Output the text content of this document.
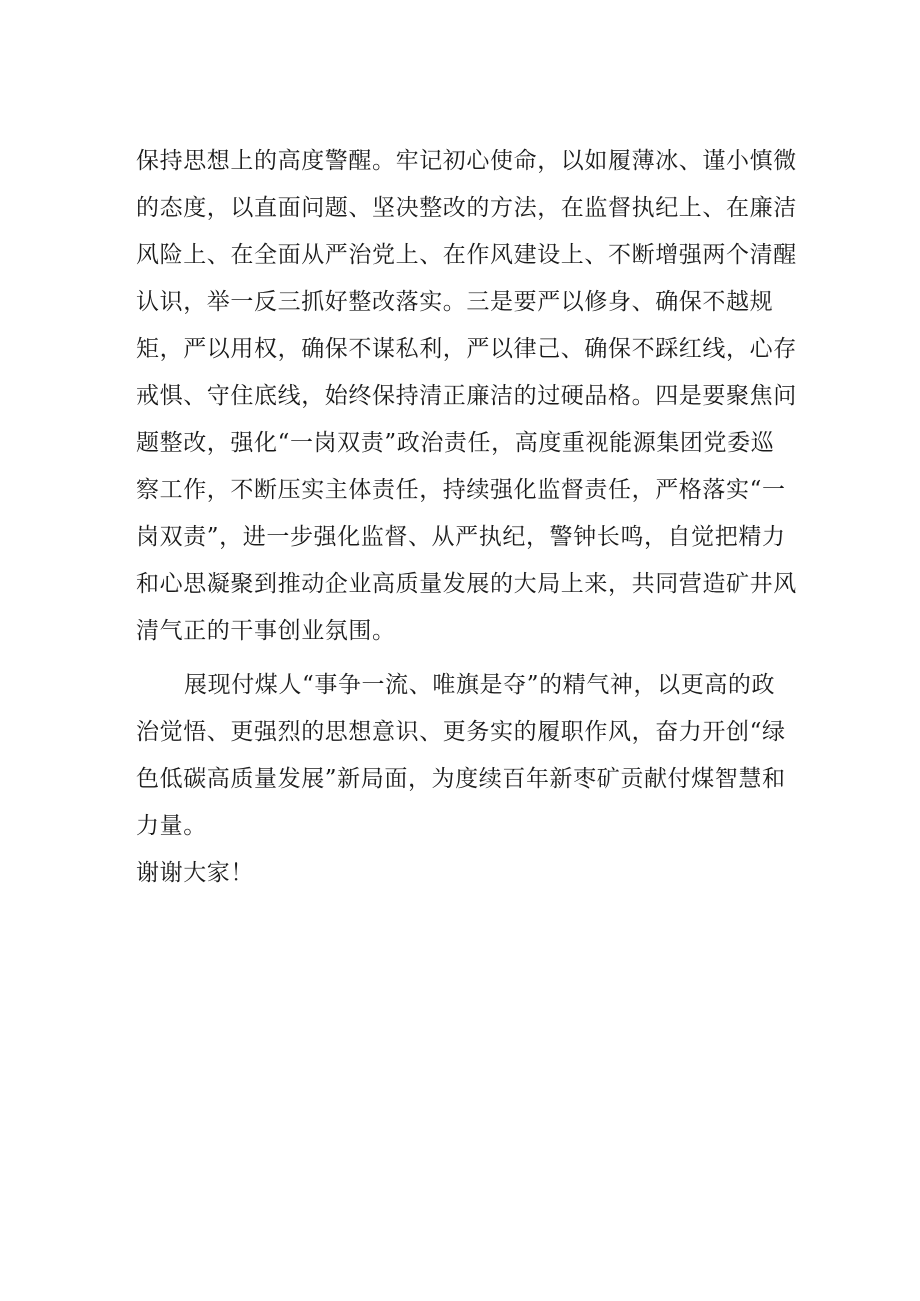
保持思想上的高度警醒。牢记初心使命，以如履薄冰、谨小慎微
的态度，以直面问题、坚决整改的方法，在监督执纪上、在廉洁
风险上、在全面从严治党上、在作风建设上、不断增强两个清醒
认识，举一反三抓好整改落实。三是要严以修身、确保不越规
矩，严以用权，确保不谋私利，严以律己、确保不踩红线，心存
戒惧、守住底线，始终保持清正廉洁的过硬品格。四是要聚焦问
题整改，强化“一岗双责”政治责任，高度重视能源集团党委巡
察工作，不断压实主体责任，持续强化监督责任，严格落实“一
岗双责”，进一步强化监督、从严执纪，警钟长鸣，自觉把精力
和心思凝聚到推动企业高质量发展的大局上来，共同营造矿井风
清气正的干事创业氛围。
展现付煤人“事争一流、唯旗是夺”的精气神，以更高的政
治觉悟、更强烈的思想意识、更务实的履职作风，奋力开创“绿
色低碳高质量发展”新局面，为度续百年新枣矿贡献付煤智慧和
力量。
谢谢大家！
